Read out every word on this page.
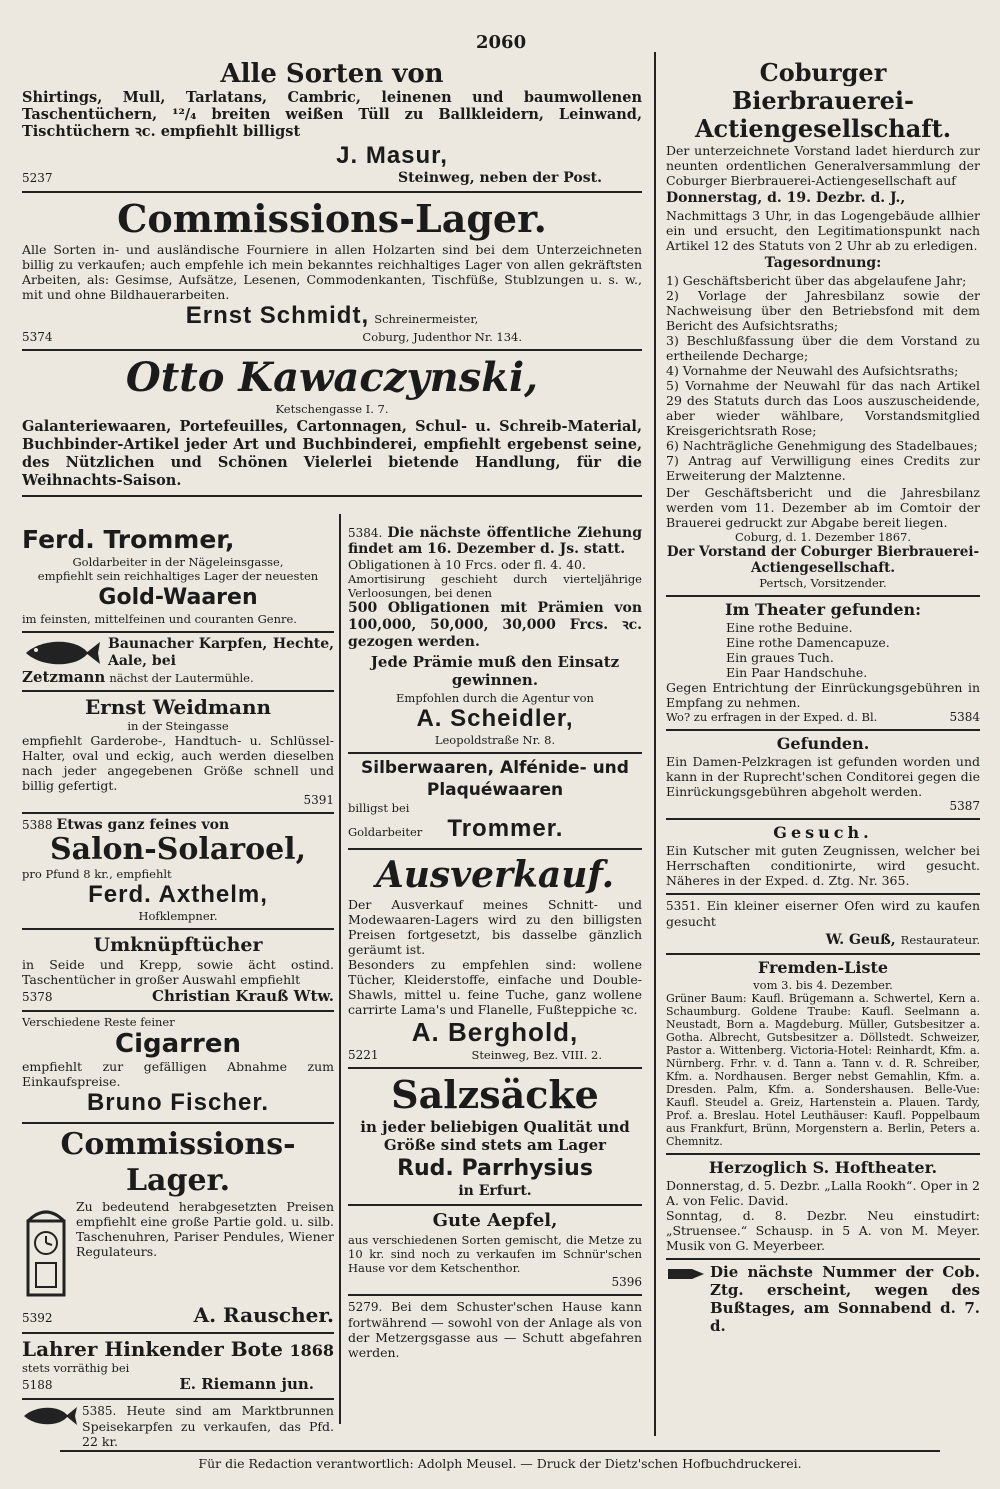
2060

Alle Sorten von

Shirtings, Mull, Tarlatans, Cambric, leinenen und baumwollenen Taschentüchern, ¹²/₄ breiten weißen Tüll zu Ballkleidern, Leinwand, Tischtüchern ꝛc. empfiehlt billigst

J. Masur,

5237	Steinweg, neben der Post.

Commissions-Lager.

Alle Sorten in- und ausländische Fourniere in allen Holzarten sind bei dem Unterzeichneten billig zu verkaufen; auch empfehle ich mein bekanntes reichhaltiges Lager von allen gekräftsten Arbeiten, als: Gesimse, Aufsätze, Lesenen, Commodenkanten, Tischfüße, Stublzungen u. s. w., mit und ohne Bildhauerarbeiten.

Ernst Schmidt, Schreinermeister,

5374	Coburg, Judenthor Nr. 134.

Otto Kawaczynski,

Ketschengasse I. 7.

Galanteriewaaren, Portefeuilles, Cartonnagen, Schul- u. Schreib-Material, Buchbinder-Artikel jeder Art und Buchbinderei, empfiehlt ergebenst seine, des Nützlichen und Schönen Vielerlei bietende Handlung, für die Weihnachts-Saison.

Ferd. Trommer,

Goldarbeiter in der Nägeleinsgasse,

empfiehlt sein reichhaltiges Lager der neuesten

Gold-Waaren

im feinsten, mittelfeinen und couranten Genre.

Baunacher Karpfen, Hechte, Aale, bei

Zetzmann nächst der Lautermühle.

Ernst Weidmann

in der Steingasse

empfiehlt Garderobe-, Handtuch- u. Schlüssel-Halter, oval und eckig, auch werden dieselben nach jeder angegebenen Größe schnell und billig gefertigt.

5391

5388 Etwas ganz feines von

Salon-Solaroel,

pro Pfund 8 kr., empfiehlt

Ferd. Axthelm,

Hofklempner.

Umknüpftücher

in Seide und Krepp, sowie ächt ostind. Taschentücher in großer Auswahl empfiehlt

5378	Christian Krauß Wtw.

Verschiedene Reste feiner

Cigarren

empfiehlt zur gefälligen Abnahme zum Einkaufspreise.

Bruno Fischer.

Commissions-Lager.

Zu bedeutend herabgesetzten Preisen empfiehlt eine große Partie gold. u. silb. Taschenuhren, Pariser Pendules, Wiener Regulateurs.

5392	A. Rauscher.
Lahrer Hinkender Bote 1868

stets vorräthig bei

5188	E. Riemann jun.

5385. Heute sind am Marktbrunnen Speisekarpfen zu verkaufen, das Pfd. 22 kr.

5384. Die nächste öffentliche Ziehung findet am 16. Dezember d. Js. statt.

Obligationen à 10 Frcs. oder fl. 4. 40.

Amortisirung geschieht durch vierteljährige Verloosungen, bei denen

500 Obligationen mit Prämien von 100,000, 50,000, 30,000 Frcs. ꝛc. gezogen werden.

Jede Prämie muß den Einsatz gewinnen.

Empfohlen durch die Agentur von

A. Scheidler,

Leopoldstraße Nr. 8.

Silberwaaren, Alfénide- und Plaquéwaaren

billigst bei

Goldarbeiter Trommer.

Ausverkauf.

Der Ausverkauf meines Schnitt- und Modewaaren-Lagers wird zu den billigsten Preisen fortgesetzt, bis dasselbe gänzlich geräumt ist.

Besonders zu empfehlen sind: wollene Tücher, Kleiderstoffe, einfache und Double-Shawls, mittel u. feine Tuche, ganz wollene carrirte Lama's und Flanelle, Fußteppiche ꝛc.

A. Berghold,

5221	Steinweg, Bez. VIII. 2.

Salzsäcke

in jeder beliebigen Qualität und Größe sind stets am Lager

Rud. Parrhysius

in Erfurt.

Gute Aepfel,

aus verschiedenen Sorten gemischt, die Metze zu 10 kr. sind noch zu verkaufen im Schnür'schen Hause vor dem Ketschenthor.

5396

5279. Bei dem Schuster'schen Hause kann fortwährend — sowohl von der Anlage als von der Metzergsgasse aus — Schutt abgefahren werden.

Coburger Bierbrauerei-Actiengesellschaft.

Der unterzeichnete Vorstand ladet hierdurch zur neunten ordentlichen Generalversammlung der Coburger Bierbrauerei-Actiengesellschaft auf

Donnerstag, d. 19. Dezbr. d. J.,

Nachmittags 3 Uhr, in das Logengebäude allhier ein und ersucht, den Legitimationspunkt nach Artikel 12 des Statuts von 2 Uhr ab zu erledigen.

Tagesordnung:

1) Geschäftsbericht über das abgelaufene Jahr;
2) Vorlage der Jahresbilanz sowie der Nachweisung über den Betriebsfond mit dem Bericht des Aufsichtsraths;
3) Beschlußfassung über die dem Vorstand zu ertheilende Decharge;
4) Vornahme der Neuwahl des Aufsichtsraths;
5) Vornahme der Neuwahl für das nach Artikel 29 des Statuts durch das Loos auszuscheidende, aber wieder wählbare, Vorstandsmitglied Kreisgerichtsrath Rose;
6) Nachträgliche Genehmigung des Stadelbaues;
7) Antrag auf Verwilligung eines Credits zur Erweiterung der Malztenne.

Der Geschäftsbericht und die Jahresbilanz werden vom 11. Dezember ab im Comtoir der Brauerei gedruckt zur Abgabe bereit liegen.

Coburg, d. 1. Dezember 1867.

Der Vorstand der Coburger Bierbrauerei-Actiengesellschaft.

Pertsch, Vorsitzender.

Im Theater gefunden:

Eine rothe Beduine.

Eine rothe Damencapuze.

Ein graues Tuch.

Ein Paar Handschuhe.

Gegen Entrichtung der Einrückungsgebühren in Empfang zu nehmen.

Wo? zu erfragen in der Exped. d. Bl.	5384

Gefunden.

Ein Damen-Pelzkragen ist gefunden worden und kann in der Ruprecht'schen Conditorei gegen die Einrückungsgebühren abgeholt werden.

5387

Gesuch.

Ein Kutscher mit guten Zeugnissen, welcher bei Herrschaften conditionirte, wird gesucht. Näheres in der Exped. d. Ztg. Nr. 365.

5351. Ein kleiner eiserner Ofen wird zu kaufen gesucht

W. Geuß, Restaurateur.

Fremden-Liste

vom 3. bis 4. Dezember.

Grüner Baum: Kaufl. Brügemann a. Schwertel, Kern a. Schaumburg. Goldene Traube: Kaufl. Seelmann a. Neustadt, Born a. Magdeburg. Müller, Gutsbesitzer a. Gotha. Albrecht, Gutsbesitzer a. Döllstedt. Schweizer, Pastor a. Wittenberg. Victoria-Hotel: Reinhardt, Kfm. a. Nürnberg. Frhr. v. d. Tann a. Tann v. d. R. Schreiber, Kfm. a. Nordhausen. Berger nebst Gemahlin, Kfm. a. Dresden. Palm, Kfm. a. Sondershausen. Belle-Vue: Kaufl. Steudel a. Greiz, Hartenstein a. Plauen. Tardy, Prof. a. Breslau. Hotel Leuthäuser: Kaufl. Poppelbaum aus Frankfurt, Brünn, Morgenstern a. Berlin, Peters a. Chemnitz.

Herzoglich S. Hoftheater.

Donnerstag, d. 5. Dezbr. „Lalla Rookh“. Oper in 2 A. von Felic. David.

Sonntag, d. 8. Dezbr. Neu einstudirt: „Struensee.“ Schausp. in 5 A. von M. Meyer. Musik von G. Meyerbeer.

Die nächste Nummer der Cob. Ztg. erscheint, wegen des Bußtages, am Sonnabend d. 7. d.

Für die Redaction verantwortlich: Adolph Meusel. — Druck der Dietz'schen Hofbuchdruckerei.
